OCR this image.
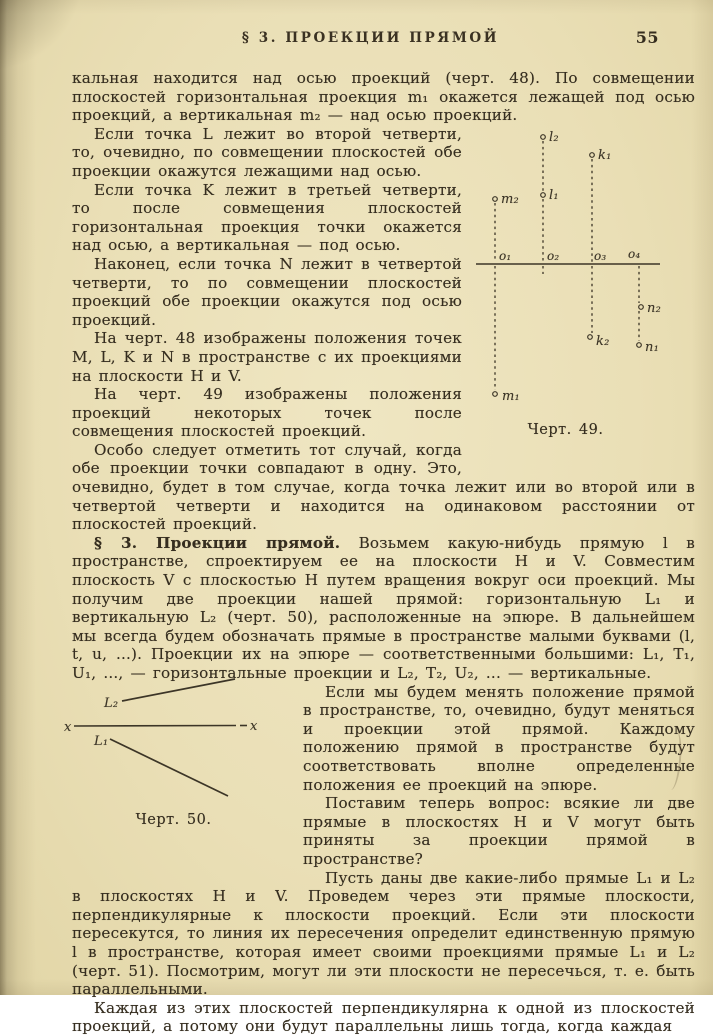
§ 3. ПРОЕКЦИИ ПРЯМОЙ	55

кальная находится над осью проекций (черт. 48). По совмещении плоскостей горизонтальная проекция m₁ окажется лежащей под осью проекций, а вертикальная m₂ — над осью проекций.

l₂
k₁
m₂ l₁
o₁	o₂	o₃ o₄
m₁
k₂
n₂
n₁
Черт. 49.

Если точка L лежит во второй четверти, то, очевидно, по совмещении плоскостей обе проекции окажутся лежащими над осью.

Если точка K лежит в третьей четверти, то после совмещения плоскостей горизонтальная проекция точки окажется над осью, а вертикальная — под осью.

Наконец, если точка N лежит в четвертой четверти, то по совмещении плоскостей проекций обе проекции окажутся под осью проекций.

На черт. 48 изображены положения точек M, L, K и N в пространстве с их проекциями на плоскости H и V.

На черт. 49 изображены положения проекций некоторых точек после совмещения плоскостей проекций.

Особо следует отметить тот случай, когда обе проекции точки совпадают в одну. Это, очевидно, будет в том случае, когда точка лежит или во второй или в четвертой четверти и находится на одинаковом расстоянии от плоскостей проекций.

§ 3. Проекции прямой. Возьмем какую-нибудь прямую l в пространстве, спроектируем ее на плоскости H и V. Совместим плоскость V с плоскостью H путем вращения вокруг оси проекций. Мы получим две проекции нашей прямой: горизонтальную L₁ и вертикальную L₂ (черт. 50), расположенные на эпюре. В дальнейшем мы всегда будем обозначать прямые в пространстве малыми буквами (l, t, u, ...). Проекции их на эпюре — соответственными большими: L₁, T₁, U₁, ..., — горизонтальные проекции и L₂, T₂, U₂, ... — вертикальные.

L₂
x	x
L₁
Черт. 50.

Если мы будем менять положение прямой в пространстве, то, очевидно, будут меняться и проекции этой прямой. Каждому положению прямой в пространстве будут соответствовать вполне определенные положения ее проекций на эпюре.

Поставим теперь вопрос: всякие ли две прямые в плоскостях H и V могут быть приняты за проекции прямой в пространстве?

Пусть даны две какие-либо прямые L₁ и L₂ в плоскостях H и V. Проведем через эти прямые плоскости, перпендикулярные к плоскости проекций. Если эти плоскости пересекутся, то линия их пересечения определит единственную прямую l в пространстве, которая имеет своими проекциями прямые L₁ и L₂ (черт. 51). Посмотрим, могут ли эти плоскости не пересечься, т. е. быть параллельными.

Каждая из этих плоскостей перпендикулярна к одной из плоскостей проекций, а потому они будут параллельны лишь тогда, когда каждая
